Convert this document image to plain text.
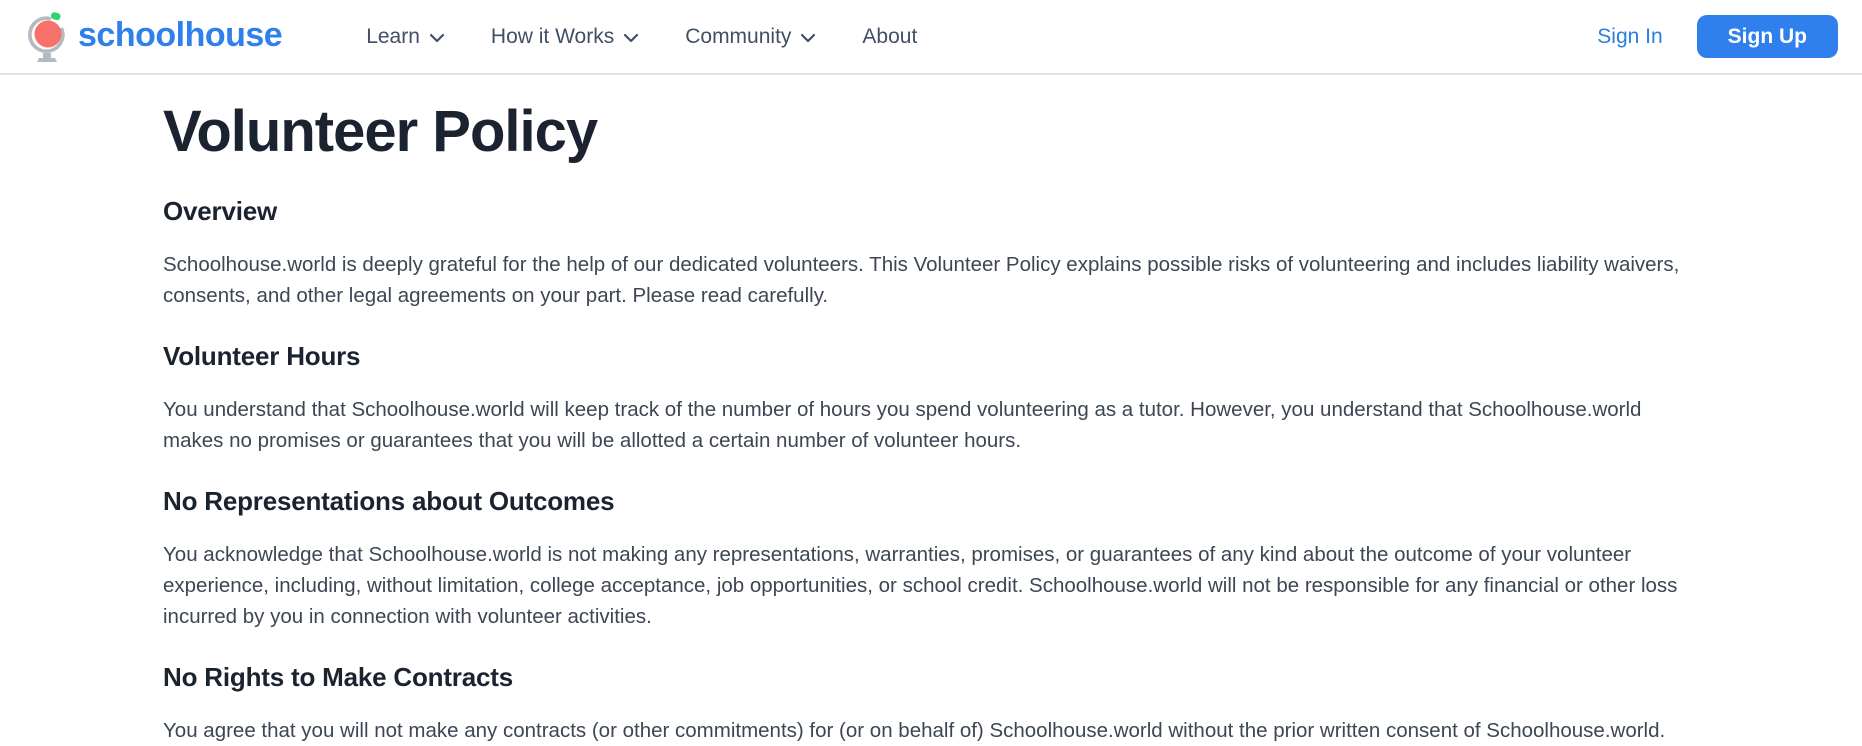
schoolhouse	Learn	How it Works	Community	About	Sign In	Sign Up
Volunteer Policy
Overview

Schoolhouse.world is deeply grateful for the help of our dedicated volunteers. This Volunteer Policy explains possible risks of volunteering and includes liability waivers, consents, and other legal agreements on your part. Please read carefully.

Volunteer Hours

You understand that Schoolhouse.world will keep track of the number of hours you spend volunteering as a tutor. However, you understand that Schoolhouse.world makes no promises or guarantees that you will be allotted a certain number of volunteer hours.

No Representations about Outcomes

You acknowledge that Schoolhouse.world is not making any representations, warranties, promises, or guarantees of any kind about the outcome of your volunteer experience, including, without limitation, college acceptance, job opportunities, or school credit. Schoolhouse.world will not be responsible for any financial or other loss incurred by you in connection with volunteer activities.

No Rights to Make Contracts

You agree that you will not make any contracts (or other commitments) for (or on behalf of) Schoolhouse.world without the prior written consent of Schoolhouse.world.
